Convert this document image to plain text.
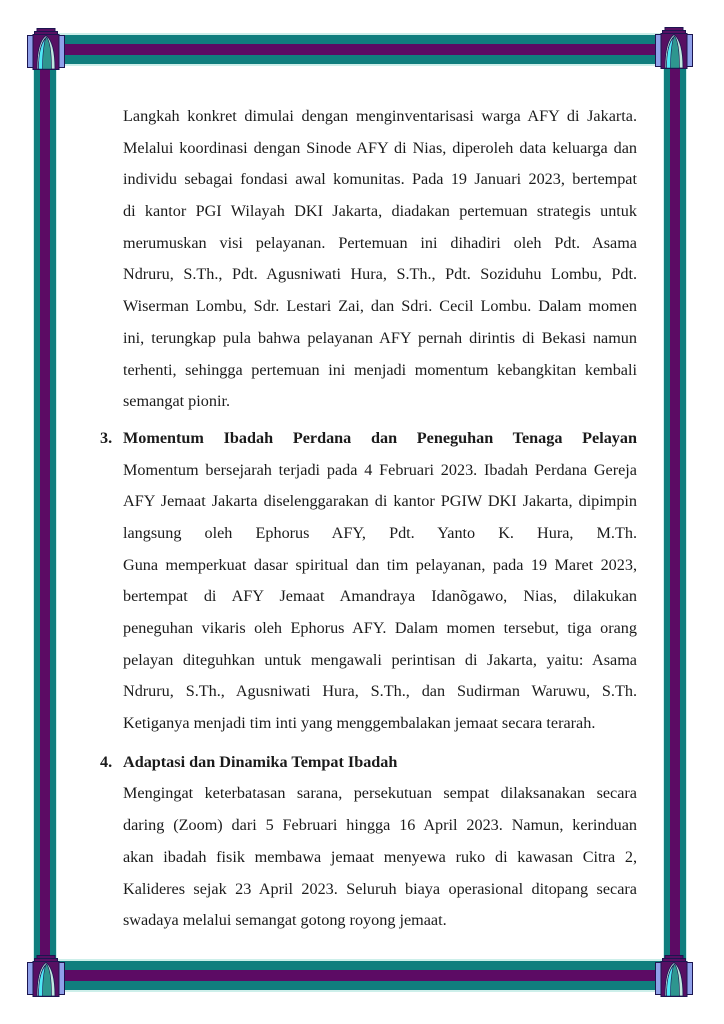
Langkah konkret dimulai dengan menginventarisasi warga AFY di Jakarta.
Melalui koordinasi dengan Sinode AFY di Nias, diperoleh data keluarga dan
individu sebagai fondasi awal komunitas. Pada 19 Januari 2023, bertempat
di kantor PGI Wilayah DKI Jakarta, diadakan pertemuan strategis untuk
merumuskan visi pelayanan. Pertemuan ini dihadiri oleh Pdt. Asama
Ndruru, S.Th., Pdt. Agusniwati Hura, S.Th., Pdt. Soziduhu Lombu, Pdt.
Wiserman Lombu, Sdr. Lestari Zai, dan Sdri. Cecil Lombu. Dalam momen
ini, terungkap pula bahwa pelayanan AFY pernah dirintis di Bekasi namun
terhenti, sehingga pertemuan ini menjadi momentum kebangkitan kembali
semangat pionir.
3. Momentum Ibadah Perdana dan Peneguhan Tenaga Pelayan
Momentum bersejarah terjadi pada 4 Februari 2023. Ibadah Perdana Gereja
AFY Jemaat Jakarta diselenggarakan di kantor PGIW DKI Jakarta, dipimpin
langsung oleh Ephorus AFY, Pdt. Yanto K. Hura, M.Th.
Guna memperkuat dasar spiritual dan tim pelayanan, pada 19 Maret 2023,
bertempat di AFY Jemaat Amandraya Idanõgawo, Nias, dilakukan
peneguhan vikaris oleh Ephorus AFY. Dalam momen tersebut, tiga orang
pelayan diteguhkan untuk mengawali perintisan di Jakarta, yaitu: Asama
Ndruru, S.Th., Agusniwati Hura, S.Th., dan Sudirman Waruwu, S.Th.
Ketiganya menjadi tim inti yang menggembalakan jemaat secara terarah.
4. Adaptasi dan Dinamika Tempat Ibadah
Mengingat keterbatasan sarana, persekutuan sempat dilaksanakan secara
daring (Zoom) dari 5 Februari hingga 16 April 2023. Namun, kerinduan
akan ibadah fisik membawa jemaat menyewa ruko di kawasan Citra 2,
Kalideres sejak 23 April 2023. Seluruh biaya operasional ditopang secara
swadaya melalui semangat gotong royong jemaat.
